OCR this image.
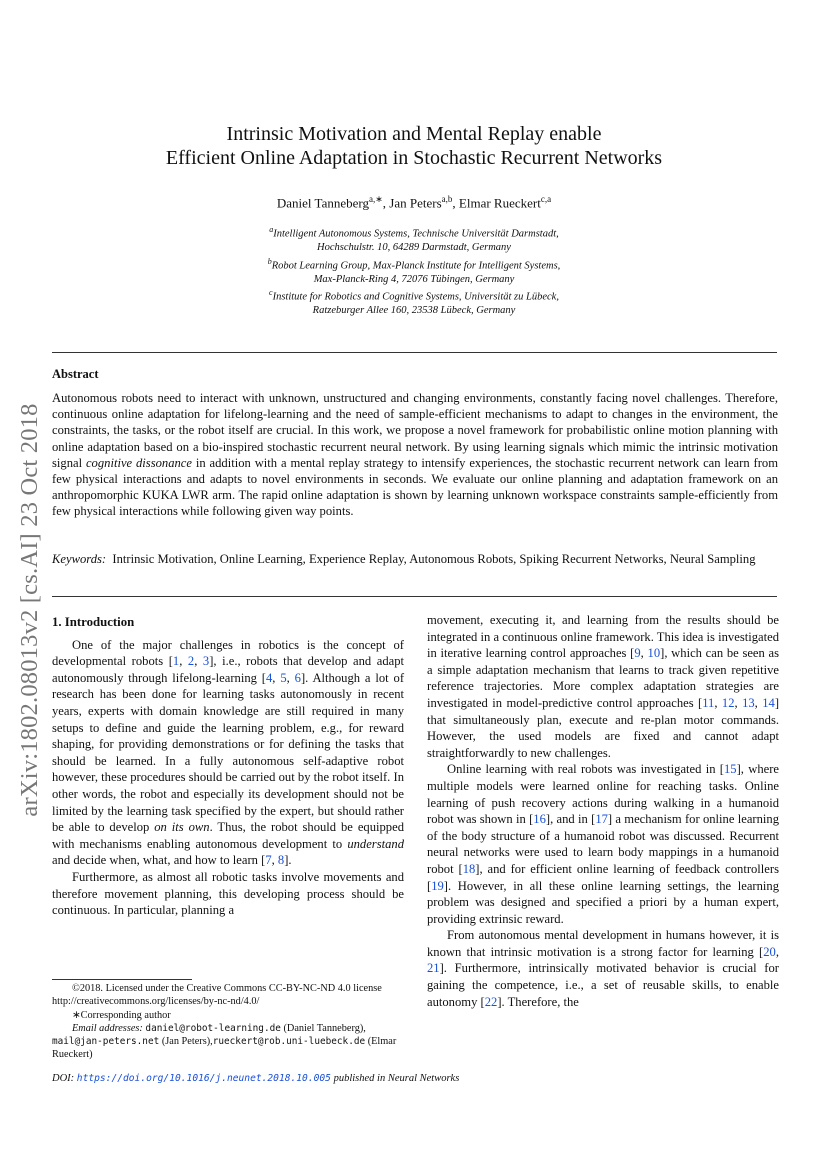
arXiv:1802.08013v2 [cs.AI] 23 Oct 2018
Intrinsic Motivation and Mental Replay enable
Efficient Online Adaptation in Stochastic Recurrent Networks
Daniel Tanneberg$^{a,∗}$, Jan Peters$^{a,b}$, Elmar Rueckert$^{c,a}$
$^a$Intelligent Autonomous Systems, Technische Universität Darmstadt,
Hochschulstr. 10, 64289 Darmstadt, Germany
$^b$Robot Learning Group, Max-Planck Institute for Intelligent Systems,
Max-Planck-Ring 4, 72076 Tübingen, Germany
$^c$Institute for Robotics and Cognitive Systems, Universität zu Lübeck,
Ratzeburger Allee 160, 23538 Lübeck, Germany
Abstract
Autonomous robots need to interact with unknown, unstructured and changing environments, constantly facing novel challenges. Therefore, continuous online adaptation for lifelong-learning and the need of sample-efficient mechanisms to adapt to changes in the environment, the constraints, the tasks, or the robot itself are crucial. In this work, we propose a novel framework for probabilistic online motion planning with online adaptation based on a bio-inspired stochastic recurrent neural network. By using learning signals which mimic the intrinsic motivation signal cognitive dissonance in addition with a mental replay strategy to intensify experiences, the stochastic recurrent network can learn from few physical interactions and adapts to novel environments in seconds. We evaluate our online planning and adaptation framework on an anthropomorphic KUKA LWR arm. The rapid online adaptation is shown by learning unknown workspace constraints sample-efficiently from few physical interactions while following given way points.
Keywords: Intrinsic Motivation, Online Learning, Experience Replay, Autonomous Robots, Spiking Recurrent Networks, Neural Sampling
1. Introduction

One of the major challenges in robotics is the concept of developmental robots [1, 2, 3], i.e., robots that develop and adapt autonomously through lifelong-learning [4, 5, 6]. Although a lot of research has been done for learning tasks autonomously in recent years, experts with domain knowledge are still required in many setups to define and guide the learning problem, e.g., for reward shaping, for providing demonstrations or for defining the tasks that should be learned. In a fully autonomous self-adaptive robot however, these procedures should be carried out by the robot itself. In other words, the robot and especially its development should not be limited by the learning task specified by the expert, but should rather be able to develop on its own. Thus, the robot should be equipped with mechanisms enabling autonomous development to understand and decide when, what, and how to learn [7, 8].

Furthermore, as almost all robotic tasks involve movements and therefore movement planning, this developing process should be continuous. In particular, planning a

movement, executing it, and learning from the results should be integrated in a continuous online framework. This idea is investigated in iterative learning control approaches [9, 10], which can be seen as a simple adaptation mechanism that learns to track given repetitive reference trajectories. More complex adaptation strategies are investigated in model-predictive control approaches [11, 12, 13, 14] that simultaneously plan, execute and re-plan motor commands. However, the used models are fixed and cannot adapt straightforwardly to new challenges.

Online learning with real robots was investigated in [15], where multiple models were learned online for reaching tasks. Online learning of push recovery actions during walking in a humanoid robot was shown in [16], and in [17] a mechanism for online learning of the body structure of a humanoid robot was discussed. Recurrent neural networks were used to learn body mappings in a humanoid robot [18], and for efficient online learning of feedback controllers [19]. However, in all these online learning settings, the learning problem was designed and specified a priori by a human expert, providing extrinsic reward.

From autonomous mental development in humans however, it is known that intrinsic motivation is a strong factor for learning [20, 21]. Furthermore, intrinsically motivated behavior is crucial for gaining the competence, i.e., a set of reusable skills, to enable autonomy [22]. Therefore, the

©2018. Licensed under the Creative Commons CC-BY-NC-ND 4.0 license http://creativecommons.org/licenses/by-nc-nd/4.0/

∗Corresponding author

Email addresses: daniel@robot-learning.de (Daniel Tanneberg), mail@jan-peters.net (Jan Peters),rueckert@rob.uni-luebeck.de (Elmar Rueckert)

DOI: https://doi.org/10.1016/j.neunet.2018.10.005 published in Neural Networks
